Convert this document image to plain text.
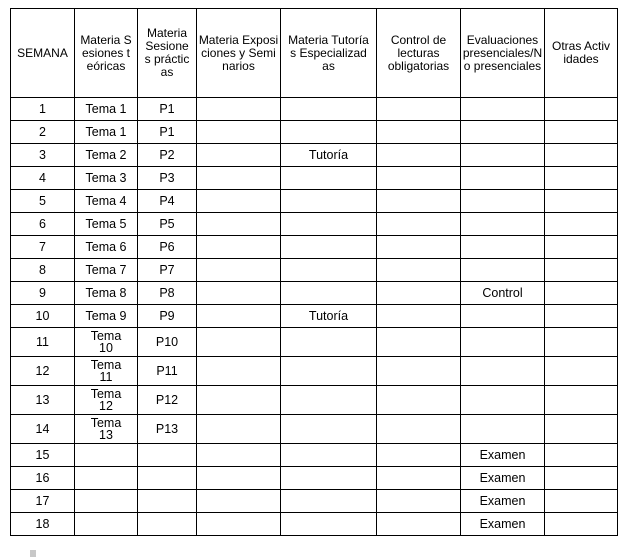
SEMANA	Materia Sesiones teóricas	Materia Sesiones prácticas	Materia Exposiciones y Seminarios	Materia Tutorías Especializadas	Control de lecturas obligatorias	Evaluaciones presenciales/No presenciales	Otras Actividades
1	Tema 1	P1					
2	Tema 1	P1					
3	Tema 2	P2		Tutoría			
4	Tema 3	P3					
5	Tema 4	P4					
6	Tema 5	P5					
7	Tema 6	P6					
8	Tema 7	P7					
9	Tema 8	P8				Control	
10	Tema 9	P9		Tutoría			
11	Tema 10	P10					
12	Tema 11	P11					
13	Tema 12	P12					
14	Tema 13	P13					
15						Examen	
16						Examen	
17						Examen	
18						Examen	
